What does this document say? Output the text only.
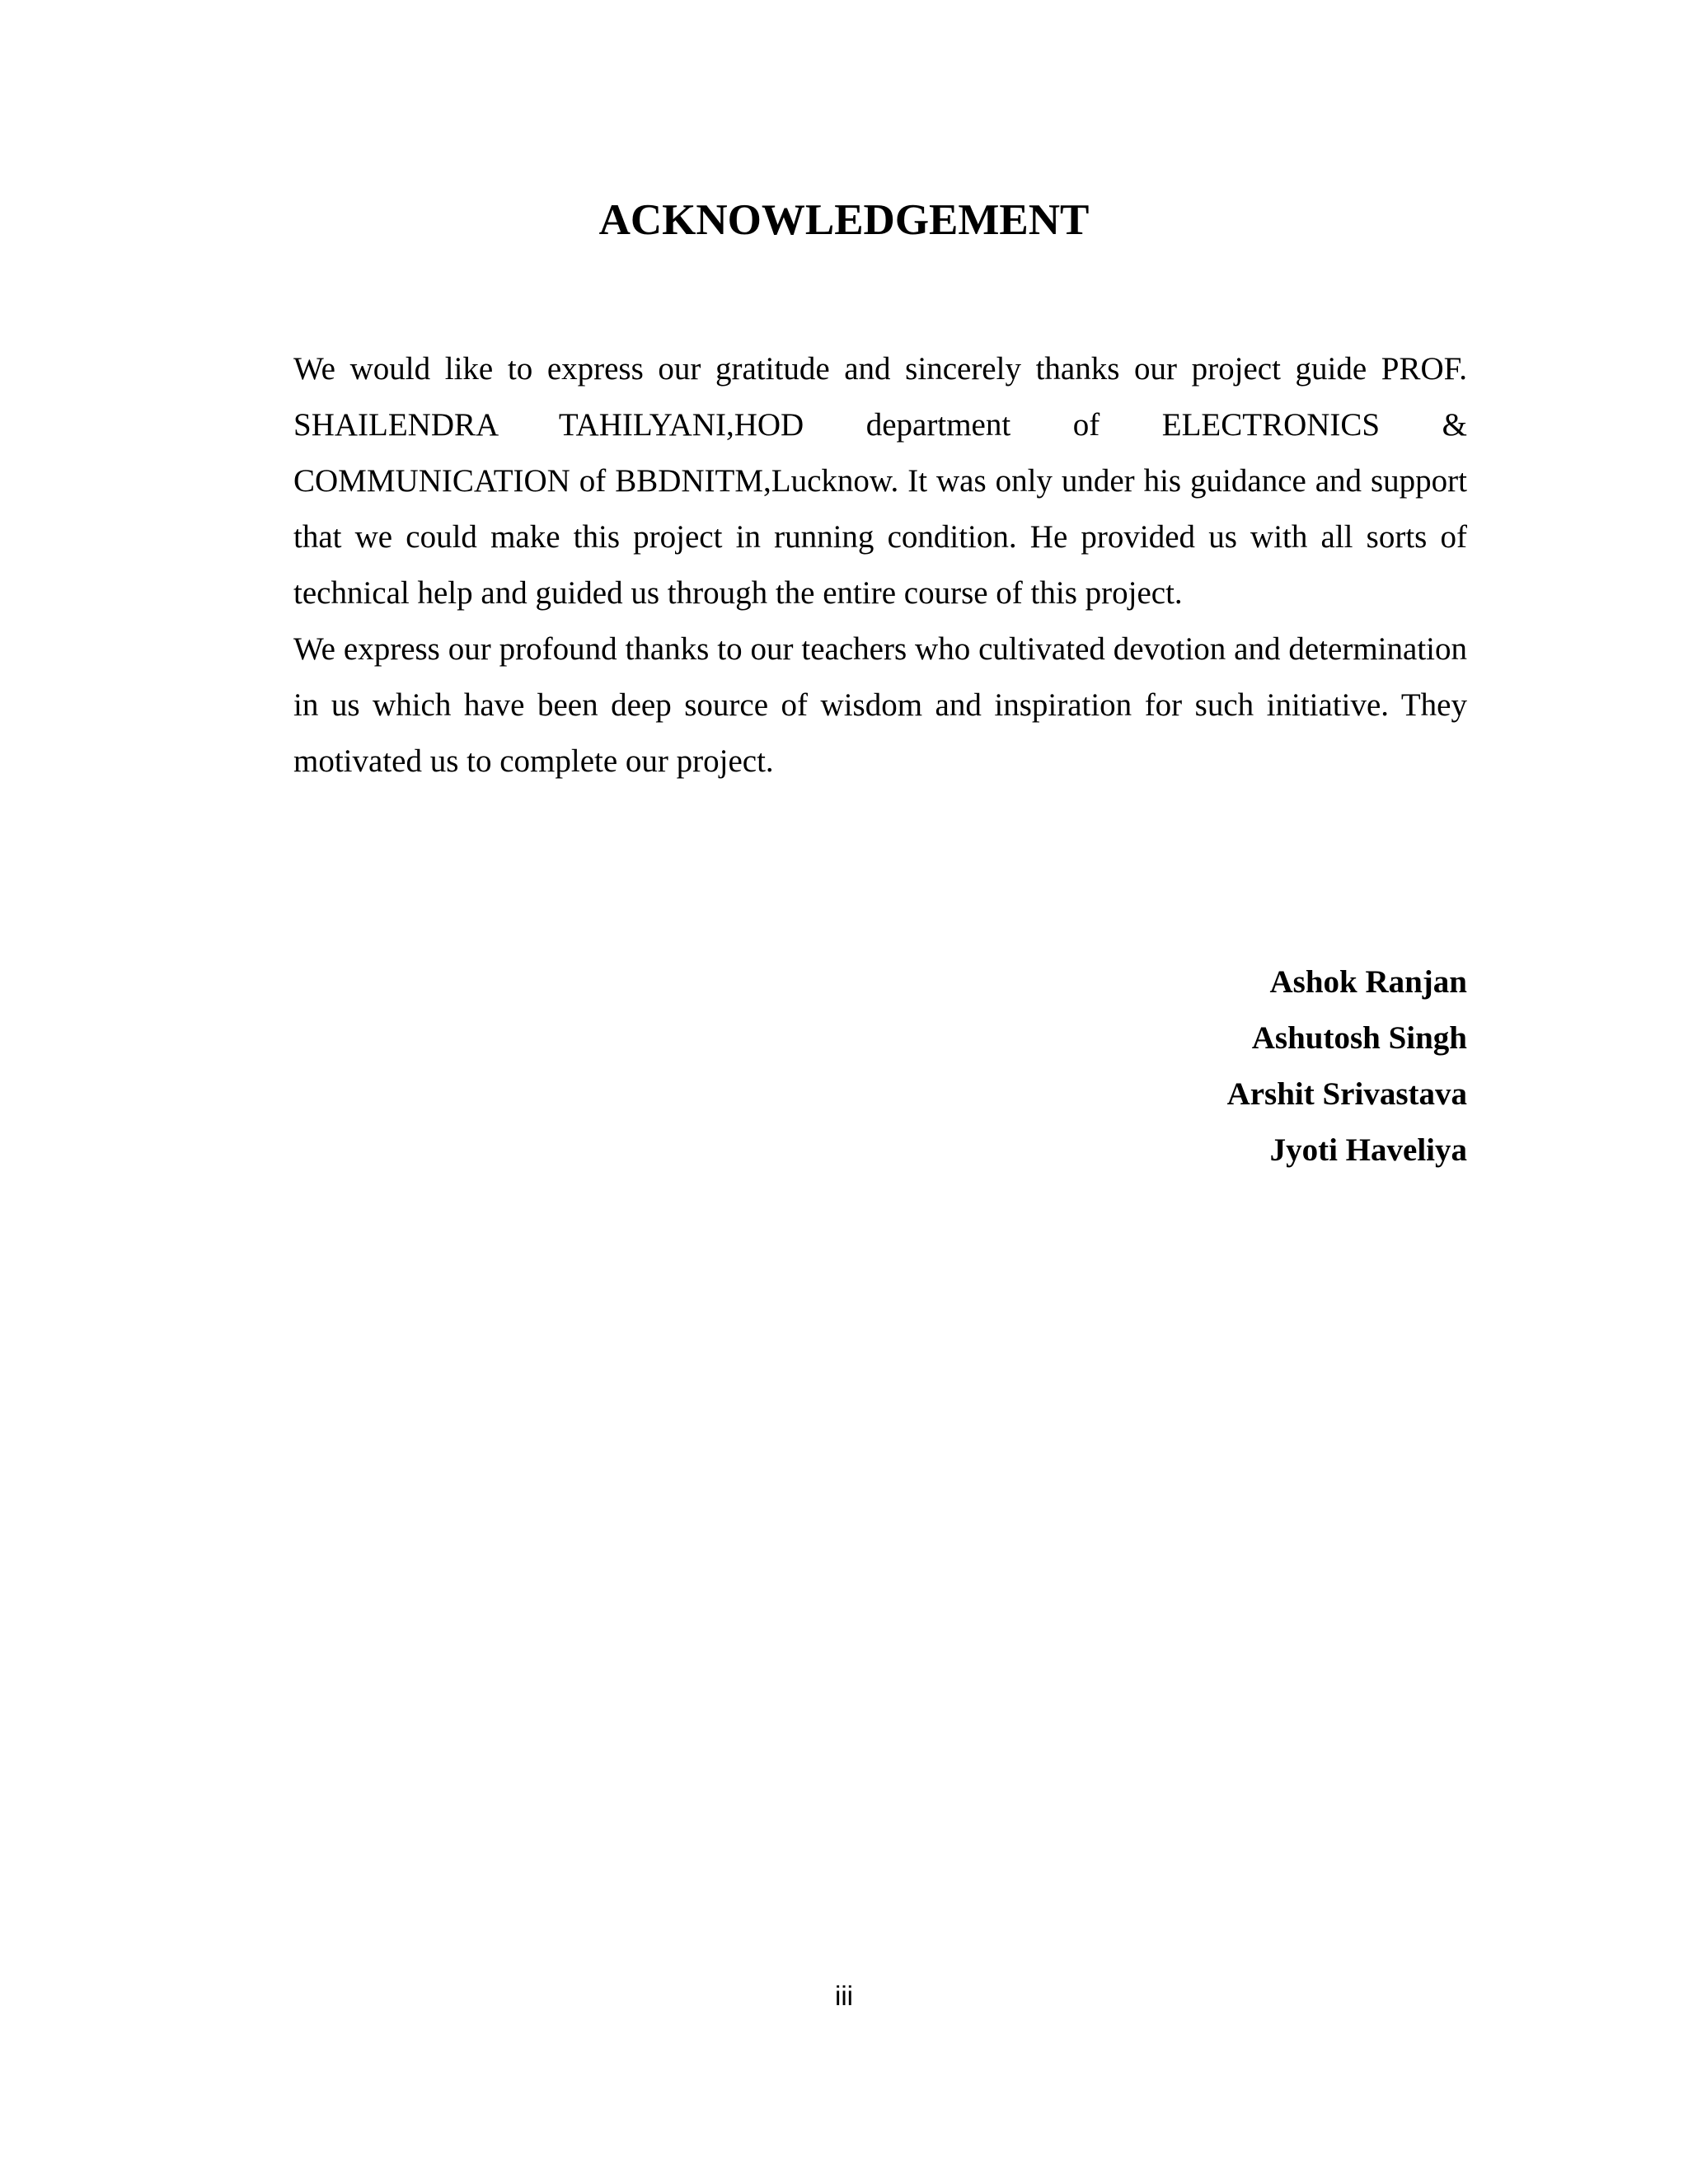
ACKNOWLEDGEMENT

We would like to express our gratitude and sincerely thanks our project guide PROF. SHAILENDRA TAHILYANI,HOD department of ELECTRONICS & COMMUNICATION of BBDNITM,Lucknow. It was only under his guidance and support that we could make this project in running condition. He provided us with all sorts of technical help and guided us through the entire course of this project.

We express our profound thanks to our teachers who cultivated devotion and determination in us which have been deep source of wisdom and inspiration for such initiative. They motivated us to complete our project.

Ashok Ranjan
Ashutosh Singh
Arshit Srivastava
Jyoti Haveliya
iii
